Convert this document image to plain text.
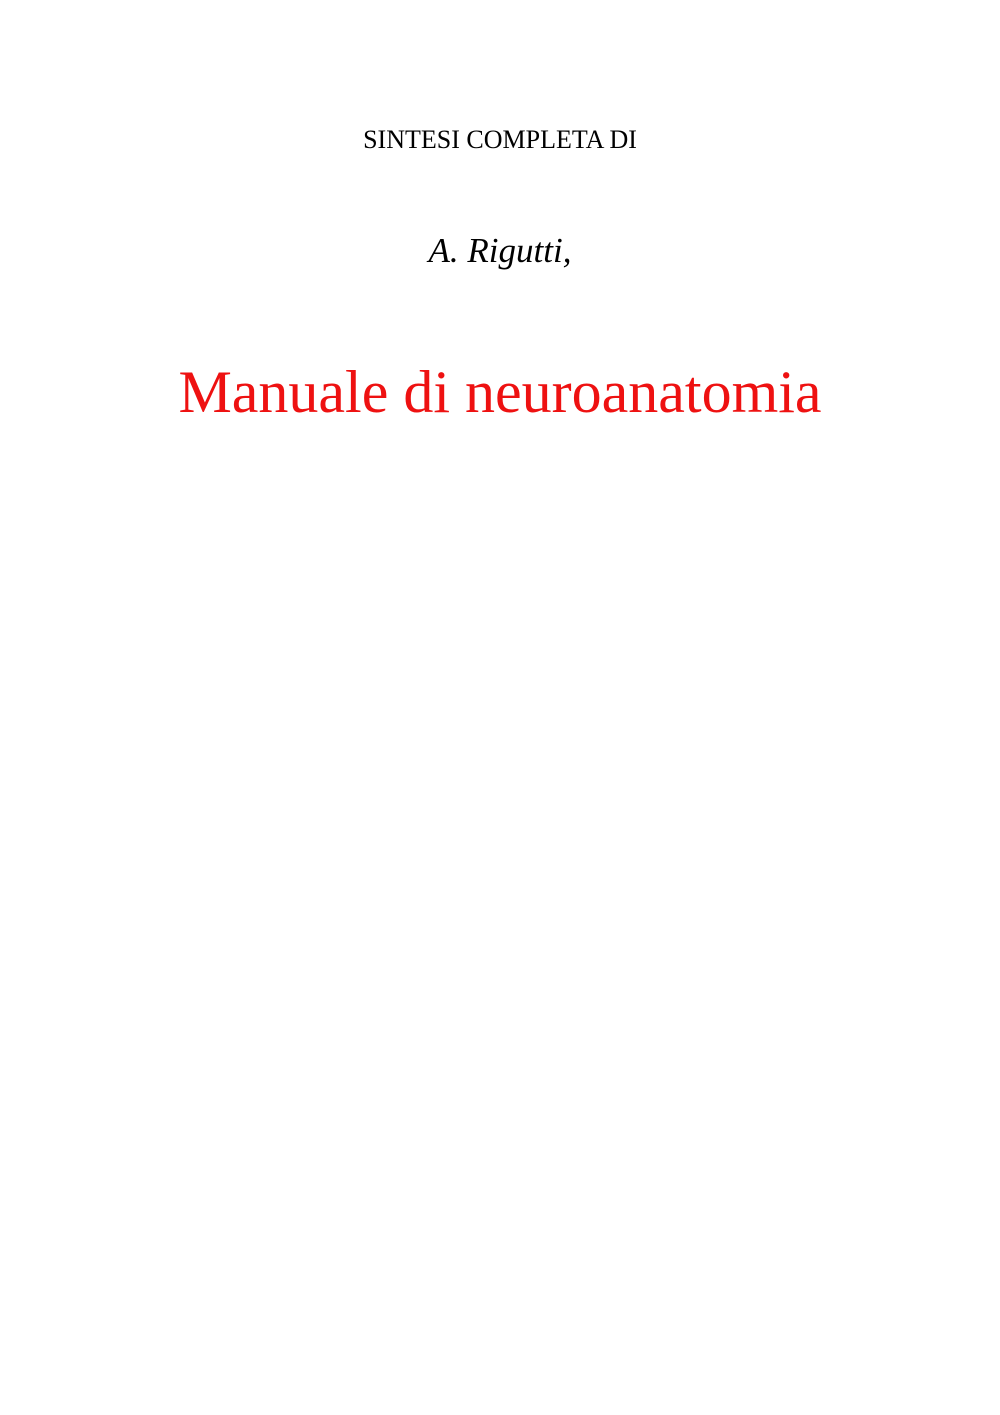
SINTESI COMPLETA DI
A. Rigutti,
Manuale di neuroanatomia
